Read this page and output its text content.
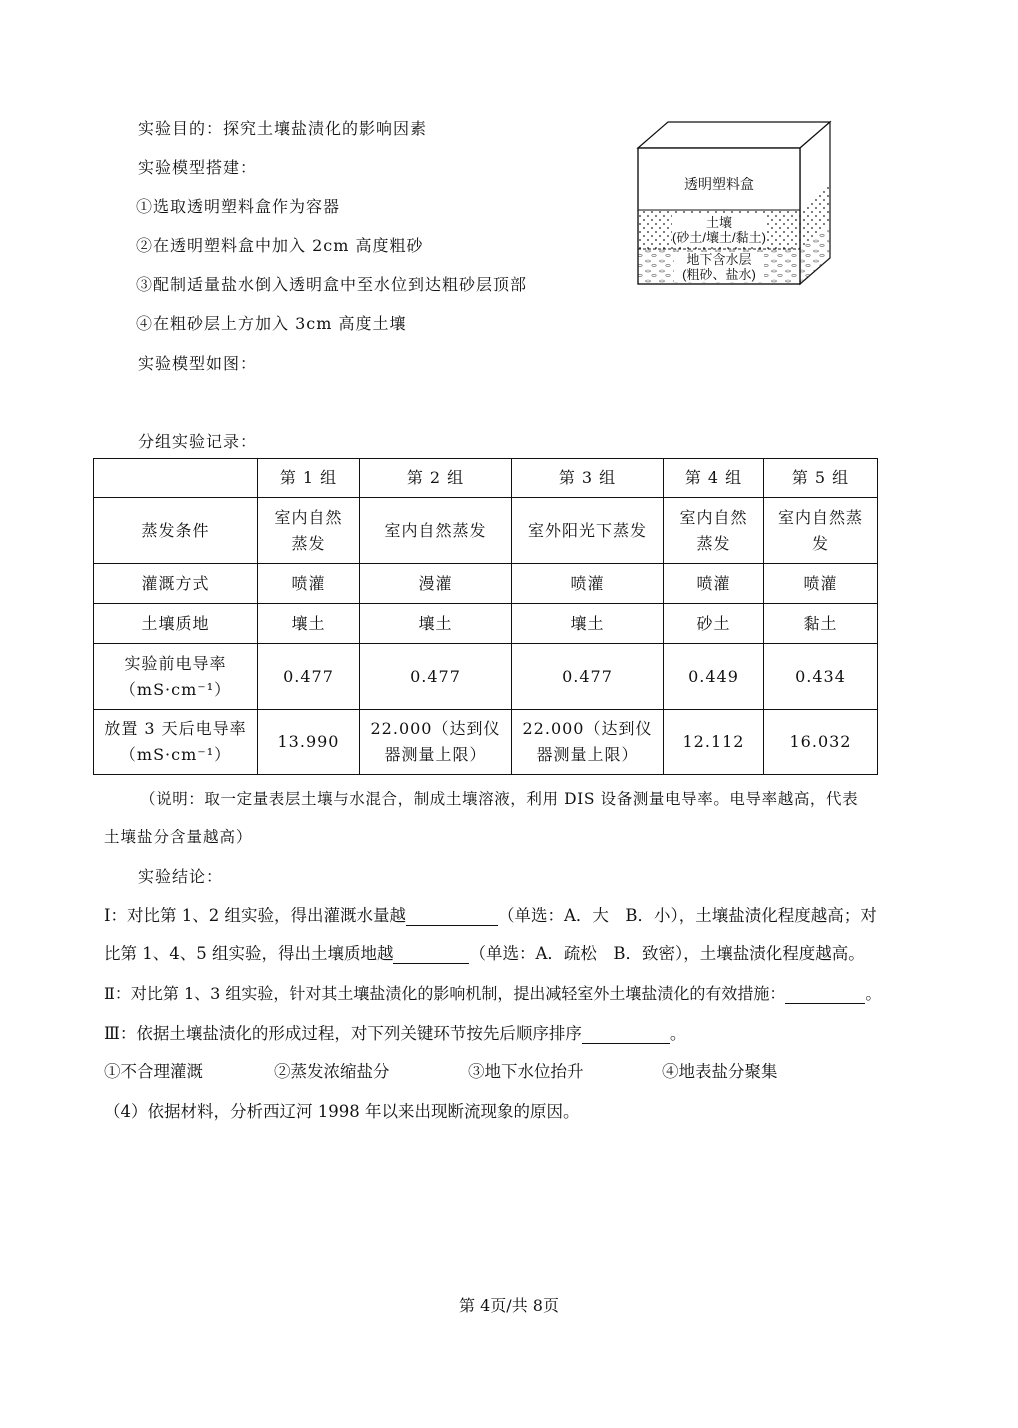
实验目的：探究土壤盐渍化的影响因素
实验模型搭建：
①选取透明塑料盒作为容器
②在透明塑料盒中加入 2cm 高度粗砂
③配制适量盐水倒入透明盒中至水位到达粗砂层顶部
④在粗砂层上方加入 3cm 高度土壤
实验模型如图：
透明塑料盒
土壤
(砂土/壤土/黏土)
地下含水层
(粗砂、盐水)
分组实验记录：
	第 1 组	第 2 组	第 3 组	第 4 组	第 5 组
蒸发条件	室内自然蒸发	室内自然蒸发	室外阳光下蒸发	室内自然蒸发	室内自然蒸发
灌溉方式	喷灌	漫灌	喷灌	喷灌	喷灌
土壤质地	壤土	壤土	壤土	砂土	黏土
实验前电导率（mS·cm⁻¹）	0.477	0.477	0.477	0.449	0.434
放置 3 天后电导率（mS·cm⁻¹）	13.990	22.000（达到仪器测量上限）	22.000（达到仪器测量上限）	12.112	16.032
（说明：取一定量表层土壤与水混合，制成土壤溶液，利用 DIS 设备测量电导率。电导率越高，代表
土壤盐分含量越高）
实验结论：
Ⅰ：对比第 1、2 组实验，得出灌溉水量越	（单选：A．大　B．小），土壤盐渍化程度越高；对
比第 1、4、5 组实验，得出土壤质地越	（单选：A．疏松　B．致密），土壤盐渍化程度越高。
Ⅱ：对比第 1、3 组实验，针对其土壤盐渍化的影响机制，提出减轻室外土壤盐渍化的有效措施：	。
Ⅲ：依据土壤盐渍化的形成过程，对下列关键环节按先后顺序排序	。
①不合理灌溉	②蒸发浓缩盐分	③地下水位抬升	④地表盐分聚集
（4）依据材料，分析西辽河 1998 年以来出现断流现象的原因。
第 4页/共 8页
